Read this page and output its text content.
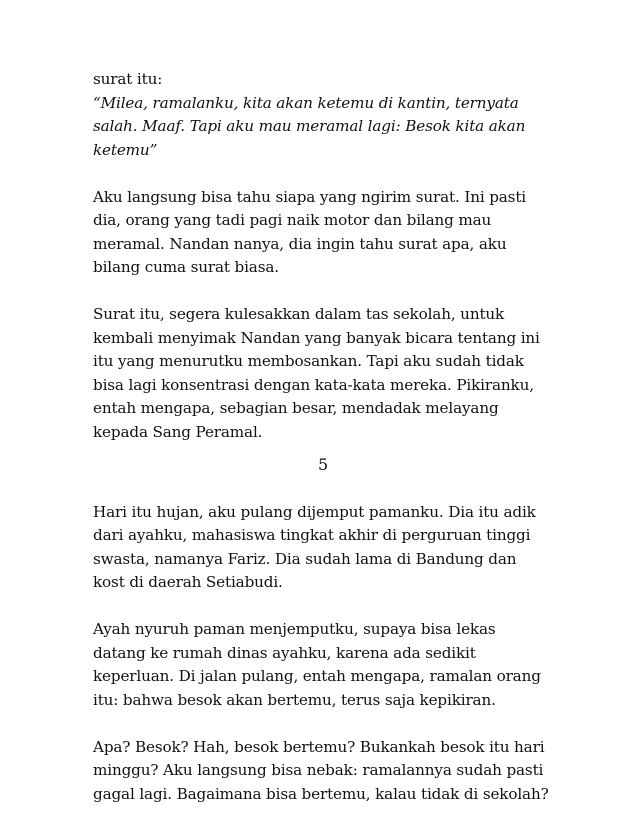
surat itu:

“Milea, ramalanku, kita akan ketemu di kantin, ternyata
salah. Maaf. Tapi aku mau meramal lagi: Besok kita akan
ketemu”

Aku langsung bisa tahu siapa yang ngirim surat. Ini pasti
dia, orang yang tadi pagi naik motor dan bilang mau
meramal. Nandan nanya, dia ingin tahu surat apa, aku
bilang cuma surat biasa.

Surat itu, segera kulesakkan dalam tas sekolah, untuk
kembali menyimak Nandan yang banyak bicara tentang ini
itu yang menurutku membosankan. Tapi aku sudah tidak
bisa lagi konsentrasi dengan kata-kata mereka. Pikiranku,
entah mengapa, sebagian besar, mendadak melayang
kepada Sang Peramal.

5

Hari itu hujan, aku pulang dijemput pamanku. Dia itu adik
dari ayahku, mahasiswa tingkat akhir di perguruan tinggi
swasta, namanya Fariz. Dia sudah lama di Bandung dan
kost di daerah Setiabudi.

Ayah nyuruh paman menjemputku, supaya bisa lekas
datang ke rumah dinas ayahku, karena ada sedikit
keperluan. Di jalan pulang, entah mengapa, ramalan orang
itu: bahwa besok akan bertemu, terus saja kepikiran.

Apa? Besok? Hah, besok bertemu? Bukankah besok itu hari
minggu? Aku langsung bisa nebak: ramalannya sudah pasti
gagal lagi. Bagaimana bisa bertemu, kalau tidak di sekolah?
